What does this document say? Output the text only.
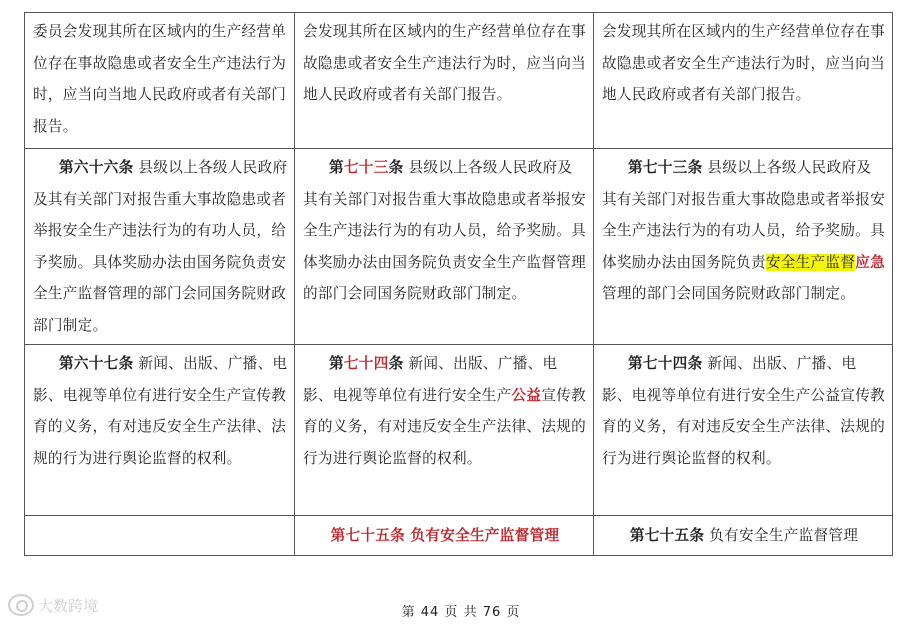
委员会发现其所在区域内的生产经营单位存在事故隐患或者安全生产违法行为时，应当向当地人民政府或者有关部门报告。	会发现其所在区域内的生产经营单位存在事故隐患或者安全生产违法行为时，应当向当地人民政府或者有关部门报告。	会发现其所在区域内的生产经营单位存在事故隐患或者安全生产违法行为时，应当向当地人民政府或者有关部门报告。
第六十六条 县级以上各级人民政府及其有关部门对报告重大事故隐患或者举报安全生产违法行为的有功人员，给予奖励。具体奖励办法由国务院负责安全生产监督管理的部门会同国务院财政部门制定。	第七十三条 县级以上各级人民政府及其有关部门对报告重大事故隐患或者举报安全生产违法行为的有功人员，给予奖励。具体奖励办法由国务院负责安全生产监督管理的部门会同国务院财政部门制定。	第七十三条 县级以上各级人民政府及其有关部门对报告重大事故隐患或者举报安全生产违法行为的有功人员，给予奖励。具体奖励办法由国务院负责安全生产监督应急管理的部门会同国务院财政部门制定。
第六十七条 新闻、出版、广播、电影、电视等单位有进行安全生产宣传教育的义务，有对违反安全生产法律、法规的行为进行舆论监督的权利。	第七十四条 新闻、出版、广播、电影、电视等单位有进行安全生产公益宣传教育的义务，有对违反安全生产法律、法规的行为进行舆论监督的权利。	第七十四条 新闻、出版、广播、电影、电视等单位有进行安全生产公益宣传教育的义务，有对违反安全生产法律、法规的行为进行舆论监督的权利。
	第七十五条 负有安全生产监督管理	第七十五条 负有安全生产监督管理
大数跨境	第 44 页 共 76 页
